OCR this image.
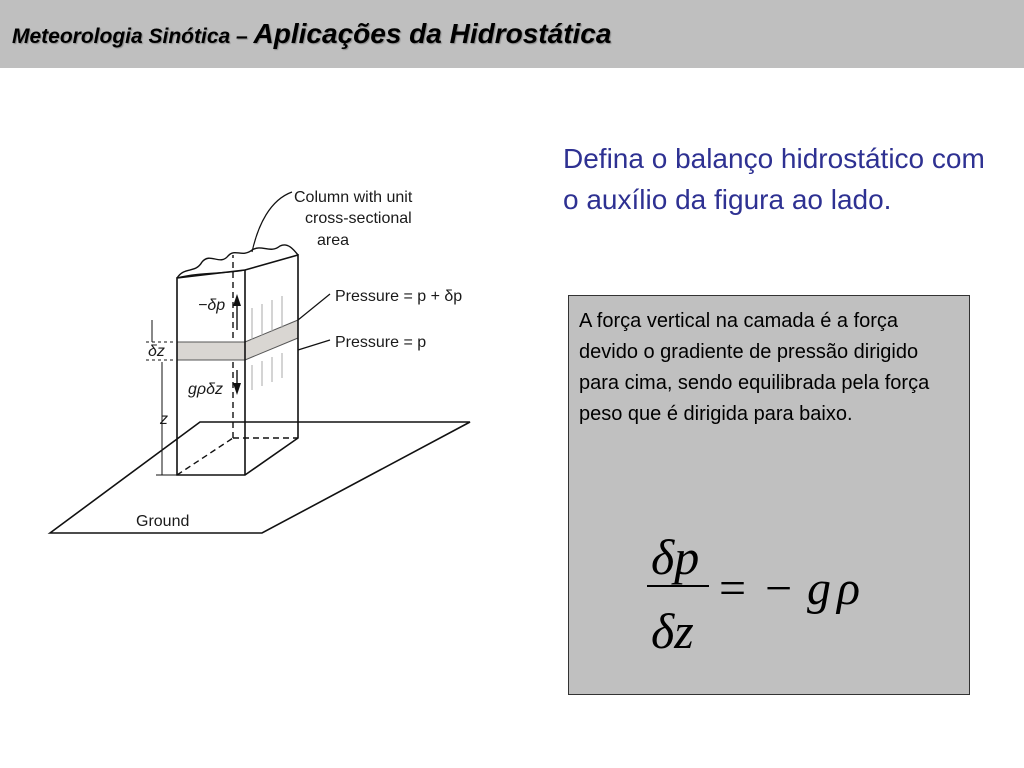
Meteorologia Sinótica – Aplicações da Hidrostática
Column with unit
cross-sectional
area
Pressure = p + δp
Pressure = p
−δp
δz
gρδz
z
Ground
Defina o balanço hidrostático com o auxílio da figura ao lado.
A força vertical na camada é a força devido o gradiente de pressão dirigido para cima, sendo equilibrada pela força peso que é dirigida para baixo.
δp
δz
= − g ρ
